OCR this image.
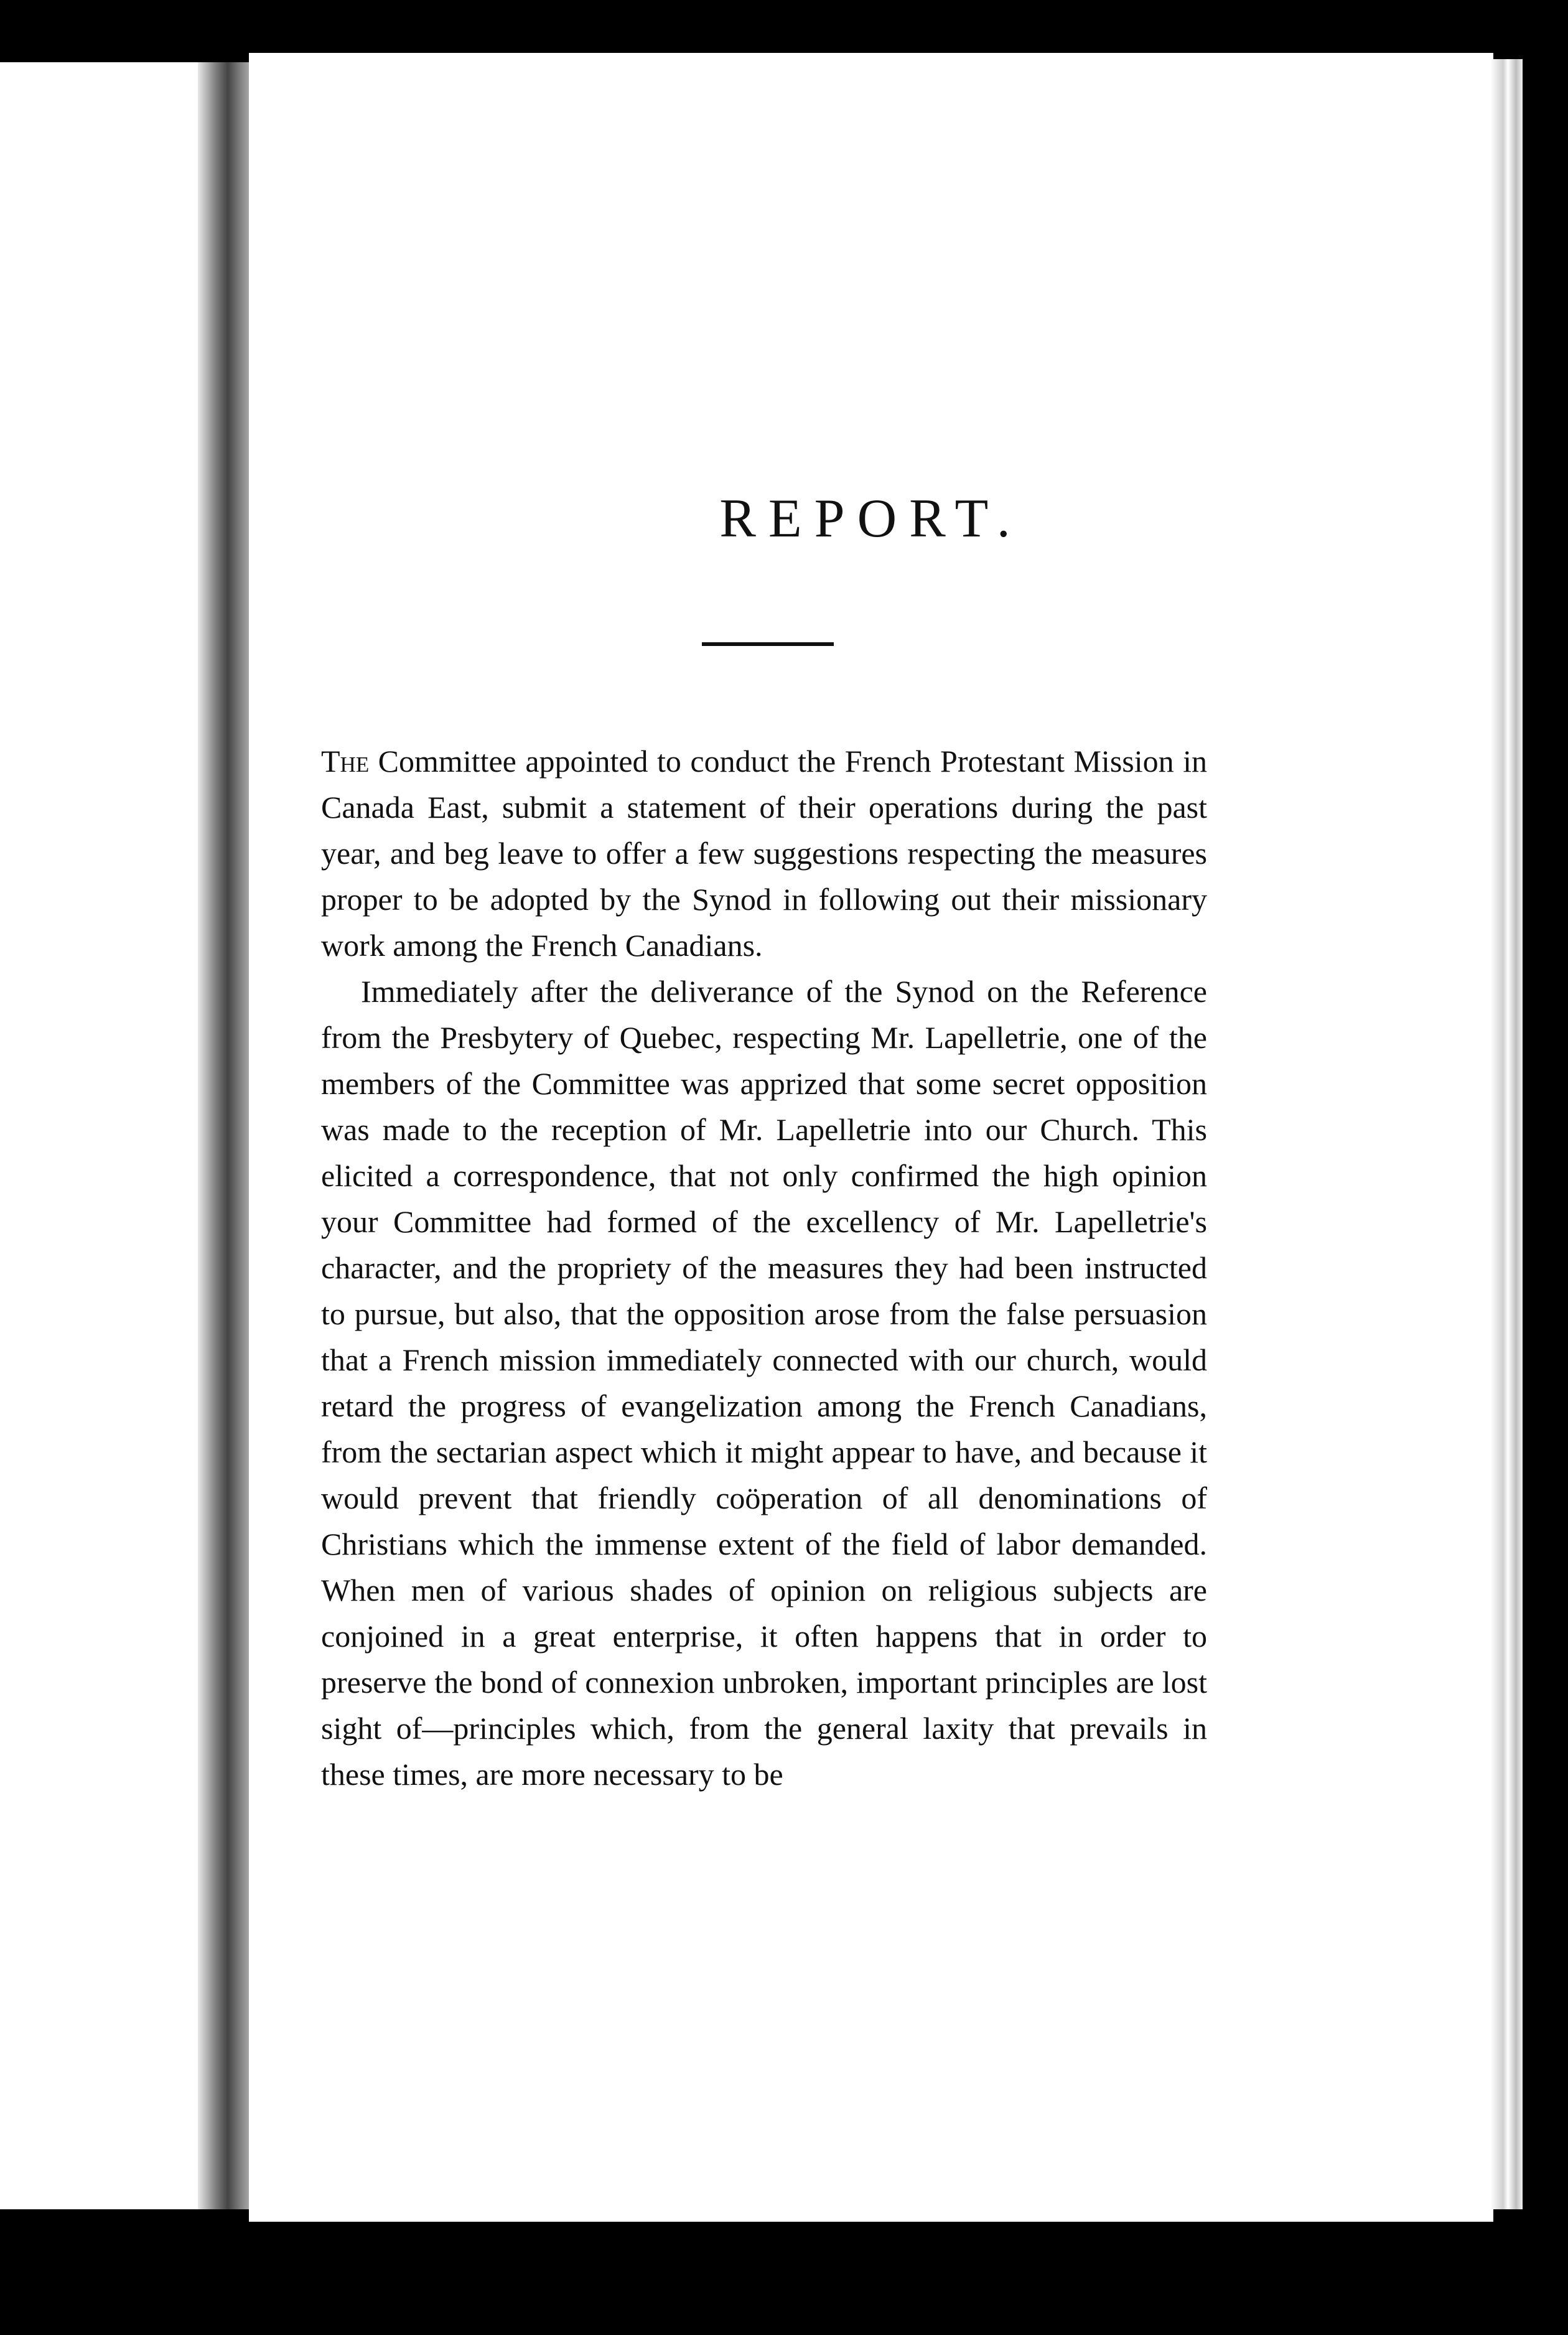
REPORT.

The Committee appointed to conduct the French Protestant Mission in Canada East, submit a statement of their operations during the past year, and beg leave to offer a few suggestions respecting the measures proper to be adopted by the Synod in following out their missionary work among the French Canadians.

Immediately after the deliverance of the Synod on the Reference from the Presbytery of Quebec, respecting Mr. Lapelletrie, one of the members of the Committee was apprized that some secret opposition was made to the reception of Mr. Lapelletrie into our Church. This elicited a correspondence, that not only confirmed the high opinion your Committee had formed of the excellency of Mr. Lapelletrie's character, and the propriety of the measures they had been instructed to pursue, but also, that the opposition arose from the false persuasion that a French mission immediately connected with our church, would retard the progress of evangelization among the French Canadians, from the sectarian aspect which it might appear to have, and because it would prevent that friendly coöperation of all denominations of Christians which the immense extent of the field of labor demanded. When men of various shades of opinion on religious subjects are conjoined in a great enterprise, it often happens that in order to preserve the bond of connexion unbroken, important principles are lost sight of—principles which, from the general laxity that prevails in these times, are more necessary to be
